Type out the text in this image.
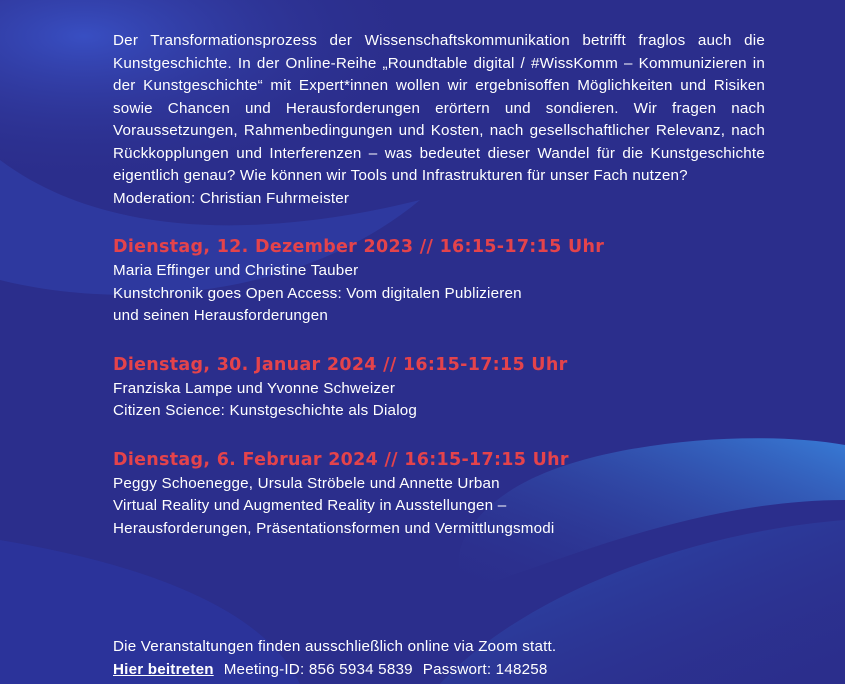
Der Transformationsprozess der Wissenschaftskommunikation betrifft fraglos auch die Kunstgeschichte. In der Online-Reihe „Roundtable digital / #WissKomm – Kommunizieren in der Kunstgeschichte“ mit Expert*innen wollen wir ergebnisoffen Möglichkeiten und Risiken sowie Chancen und Herausforderungen erörtern und sondieren. Wir fragen nach Voraussetzungen, Rahmenbedingungen und Kosten, nach gesellschaftlicher Relevanz, nach Rückkopplungen und Interferenzen – was bedeutet dieser Wandel für die Kunstgeschichte eigentlich genau? Wie können wir Tools und Infrastrukturen für unser Fach nutzen?

Moderation: Christian Fuhrmeister

Dienstag, 12. Dezember 2023 // 16:15-17:15 Uhr

Maria Effinger und Christine Tauber

Kunstchronik goes Open Access: Vom digitalen Publizieren

und seinen Herausforderungen

Dienstag, 30. Januar 2024 // 16:15-17:15 Uhr

Franziska Lampe und Yvonne Schweizer

Citizen Science: Kunstgeschichte als Dialog

Dienstag, 6. Februar 2024 // 16:15-17:15 Uhr

Peggy Schoenegge, Ursula Ströbele und Annette Urban

Virtual Reality und Augmented Reality in Ausstellungen –

Herausforderungen, Präsentationsformen und Vermittlungsmodi

Die Veranstaltungen finden ausschließlich online via Zoom statt.

Hier beitreten Meeting-ID: 856 5934 5839 Passwort: 148258
